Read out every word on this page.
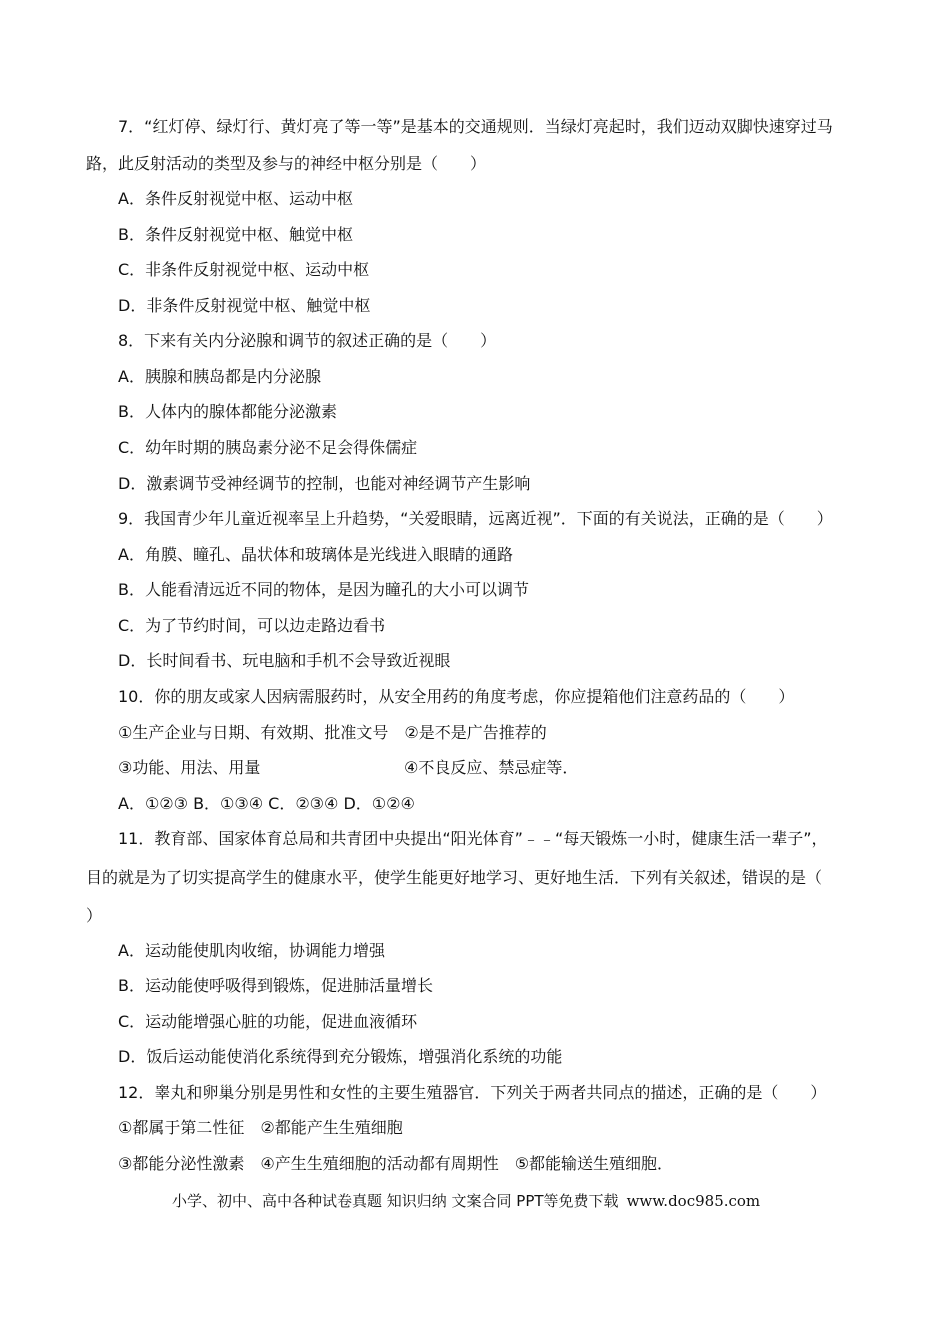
7．“红灯停、绿灯行、黄灯亮了等一等”是基本的交通规则．当绿灯亮起时，我们迈动双脚快速穿过马
路，此反射活动的类型及参与的神经中枢分别是（　　）
A．条件反射视觉中枢、运动中枢
B．条件反射视觉中枢、触觉中枢
C．非条件反射视觉中枢、运动中枢
D．非条件反射视觉中枢、触觉中枢
8．下来有关内分泌腺和调节的叙述正确的是（　　）
A．胰腺和胰岛都是内分泌腺
B．人体内的腺体都能分泌激素
C．幼年时期的胰岛素分泌不足会得侏儒症
D．激素调节受神经调节的控制，也能对神经调节产生影响
9．我国青少年儿童近视率呈上升趋势，“关爱眼睛，远离近视”．下面的有关说法，正确的是（　　）
A．角膜、瞳孔、晶状体和玻璃体是光线进入眼睛的通路
B．人能看清远近不同的物体，是因为瞳孔的大小可以调节
C．为了节约时间，可以边走路边看书
D．长时间看书、玩电脑和手机不会导致近视眼
10．你的朋友或家人因病需服药时，从安全用药的角度考虑，你应提箱他们注意药品的（　　）
①生产企业与日期、有效期、批准文号　②是不是广告推荐的
③功能、用法、用量	④不良反应、禁忌症等．
A．①②③ B．①③④ C．②③④ D．①②④
11．教育部、国家体育总局和共青团中央提出“阳光体育”﹣﹣“每天锻炼一小时，健康生活一辈子”，
目的就是为了切实提高学生的健康水平，使学生能更好地学习、更好地生活．下列有关叙述，错误的是（
）
A．运动能使肌肉收缩，协调能力增强
B．运动能使呼吸得到锻炼，促进肺活量增长
C．运动能增强心脏的功能，促进血液循环
D．饭后运动能使消化系统得到充分锻炼，增强消化系统的功能
12．睾丸和卵巢分别是男性和女性的主要生殖器官．下列关于两者共同点的描述，正确的是（　　）
①都属于第二性征　②都能产生生殖细胞
③都能分泌性激素　④产生生殖细胞的活动都有周期性　⑤都能输送生殖细胞．
小学、初中、高中各种试卷真题 知识归纳 文案合同 PPT等免费下载 www.doc985.com
